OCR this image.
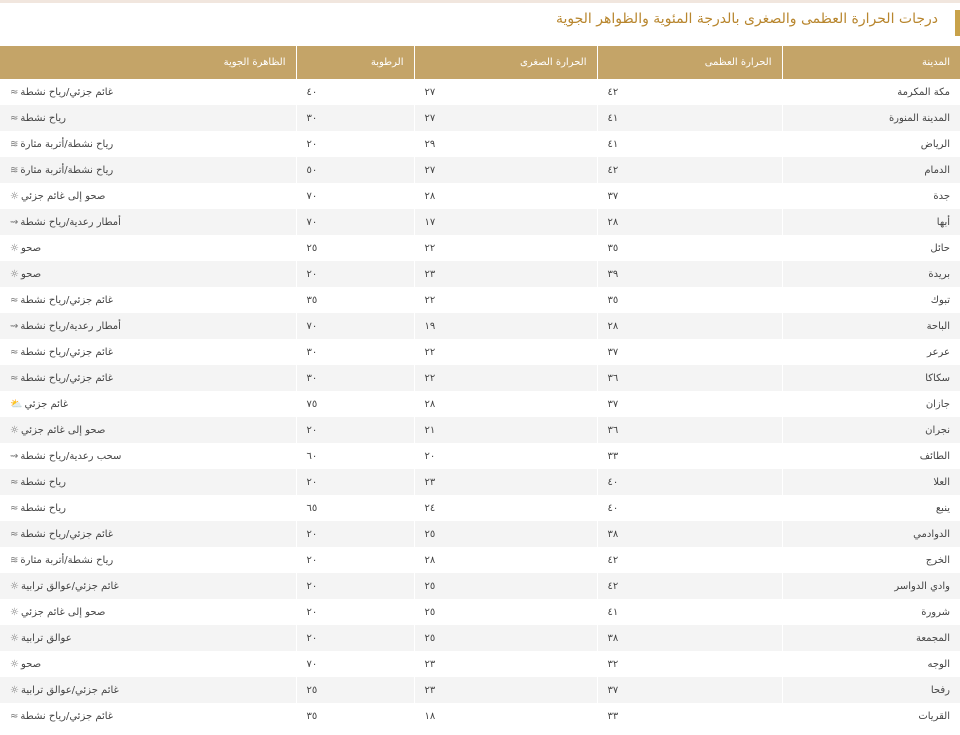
درجات الحرارة العظمى والصغرى بالدرجة المئوية والظواهر الجوية
المدينة	الحرارة العظمى	الحرارة الصغرى	الرطوبة	الظاهرة الجوية
مكة المكرمة	٤٢	٢٧	٤٠	غائم جزئي/رياح نشطة≈
المدينة المنورة	٤١	٢٧	٣٠	رياح نشطة≈
الرياض	٤١	٢٩	٢٠	رياح نشطة/أتربة مثارة≋
الدمام	٤٢	٢٧	٥٠	رياح نشطة/أتربة مثارة≋
جدة	٣٧	٢٨	٧٠	صحو إلى غائم جزئي☼
أبها	٢٨	١٧	٧٠	أمطار رعدية/رياح نشطة⇝
حائل	٣٥	٢٢	٢٥	صحو☼
بريدة	٣٩	٢٣	٢٠	صحو☼
تبوك	٣٥	٢٢	٣٥	غائم جزئي/رياح نشطة≈
الباحة	٢٨	١٩	٧٠	أمطار رعدية/رياح نشطة⇝
عرعر	٣٧	٢٢	٣٠	غائم جزئي/رياح نشطة≈
سكاكا	٣٦	٢٢	٣٠	غائم جزئي/رياح نشطة≈
جازان	٣٧	٢٨	٧٥	غائم جزئي⛅
نجران	٣٦	٢١	٢٠	صحو إلى غائم جزئي☼
الطائف	٣٣	٢٠	٦٠	سحب رعدية/رياح نشطة⇝
العلا	٤٠	٢٣	٢٠	رياح نشطة≈
ينبع	٤٠	٢٤	٦٥	رياح نشطة≈
الدوادمي	٣٨	٢٥	٢٠	غائم جزئي/رياح نشطة≈
الخرج	٤٢	٢٨	٢٠	رياح نشطة/أتربة مثارة≋
وادي الدواسر	٤٢	٢٥	٢٠	غائم جزئي/عوالق ترابية☼
شرورة	٤١	٢٥	٢٠	صحو إلى غائم جزئي☼
المجمعة	٣٨	٢٥	٢٠	عوالق ترابية☼
الوجه	٣٢	٢٣	٧٠	صحو☼
رفحا	٣٧	٢٣	٢٥	غائم جزئي/عوالق ترابية☼
القريات	٣٣	١٨	٣٥	غائم جزئي/رياح نشطة≈
